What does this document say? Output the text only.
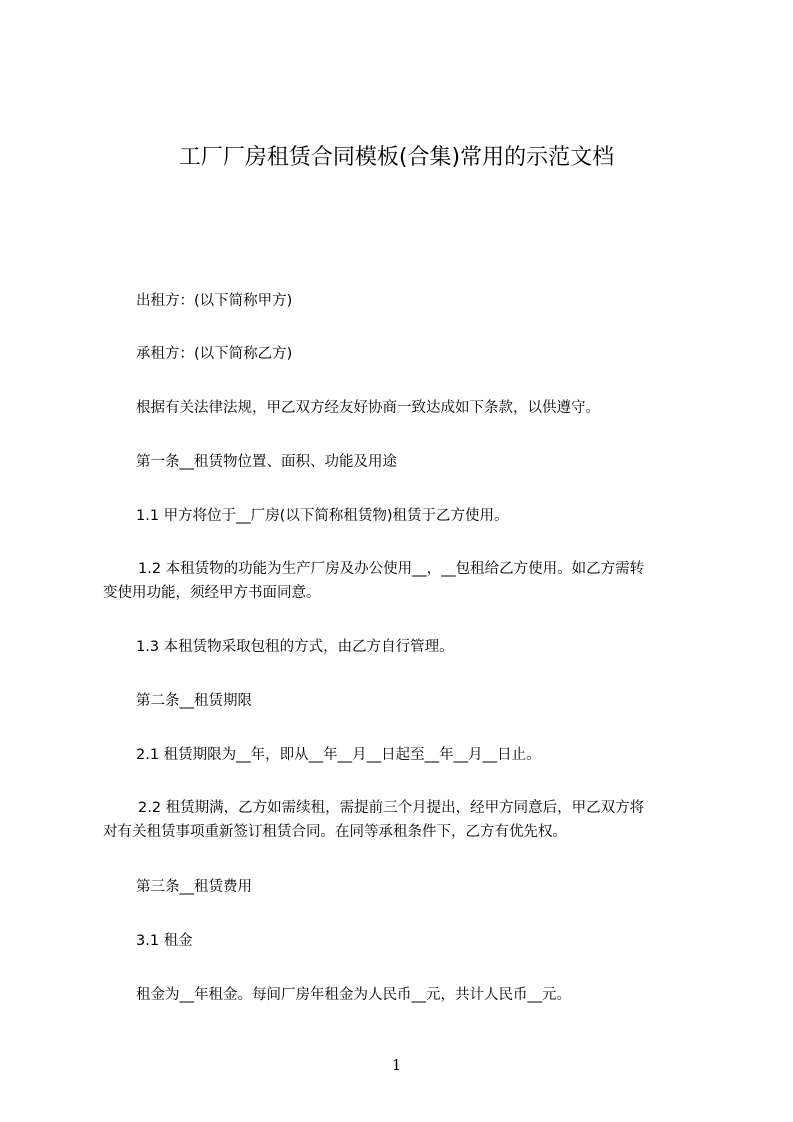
工厂厂房租赁合同模板(合集)常用的示范文档
出租方：(以下简称甲方)
承租方：(以下简称乙方)
根据有关法律法规，甲乙双方经友好协商一致达成如下条款，以供遵守。
第一条__租赁物位置、面积、功能及用途
1.1 甲方将位于__厂房(以下简称租赁物)租赁于乙方使用。
1.2 本租赁物的功能为生产厂房及办公使用__，__包租给乙方使用。如乙方需转
变使用功能，须经甲方书面同意。
1.3 本租赁物采取包租的方式，由乙方自行管理。
第二条__租赁期限
2.1 租赁期限为__年，即从__年__月__日起至__年__月__日止。
2.2 租赁期满，乙方如需续租，需提前三个月提出，经甲方同意后，甲乙双方将
对有关租赁事项重新签订租赁合同。在同等承租条件下，乙方有优先权。
第三条__租赁费用
3.1 租金
租金为__年租金。每间厂房年租金为人民币__元，共计人民币__元。
1
